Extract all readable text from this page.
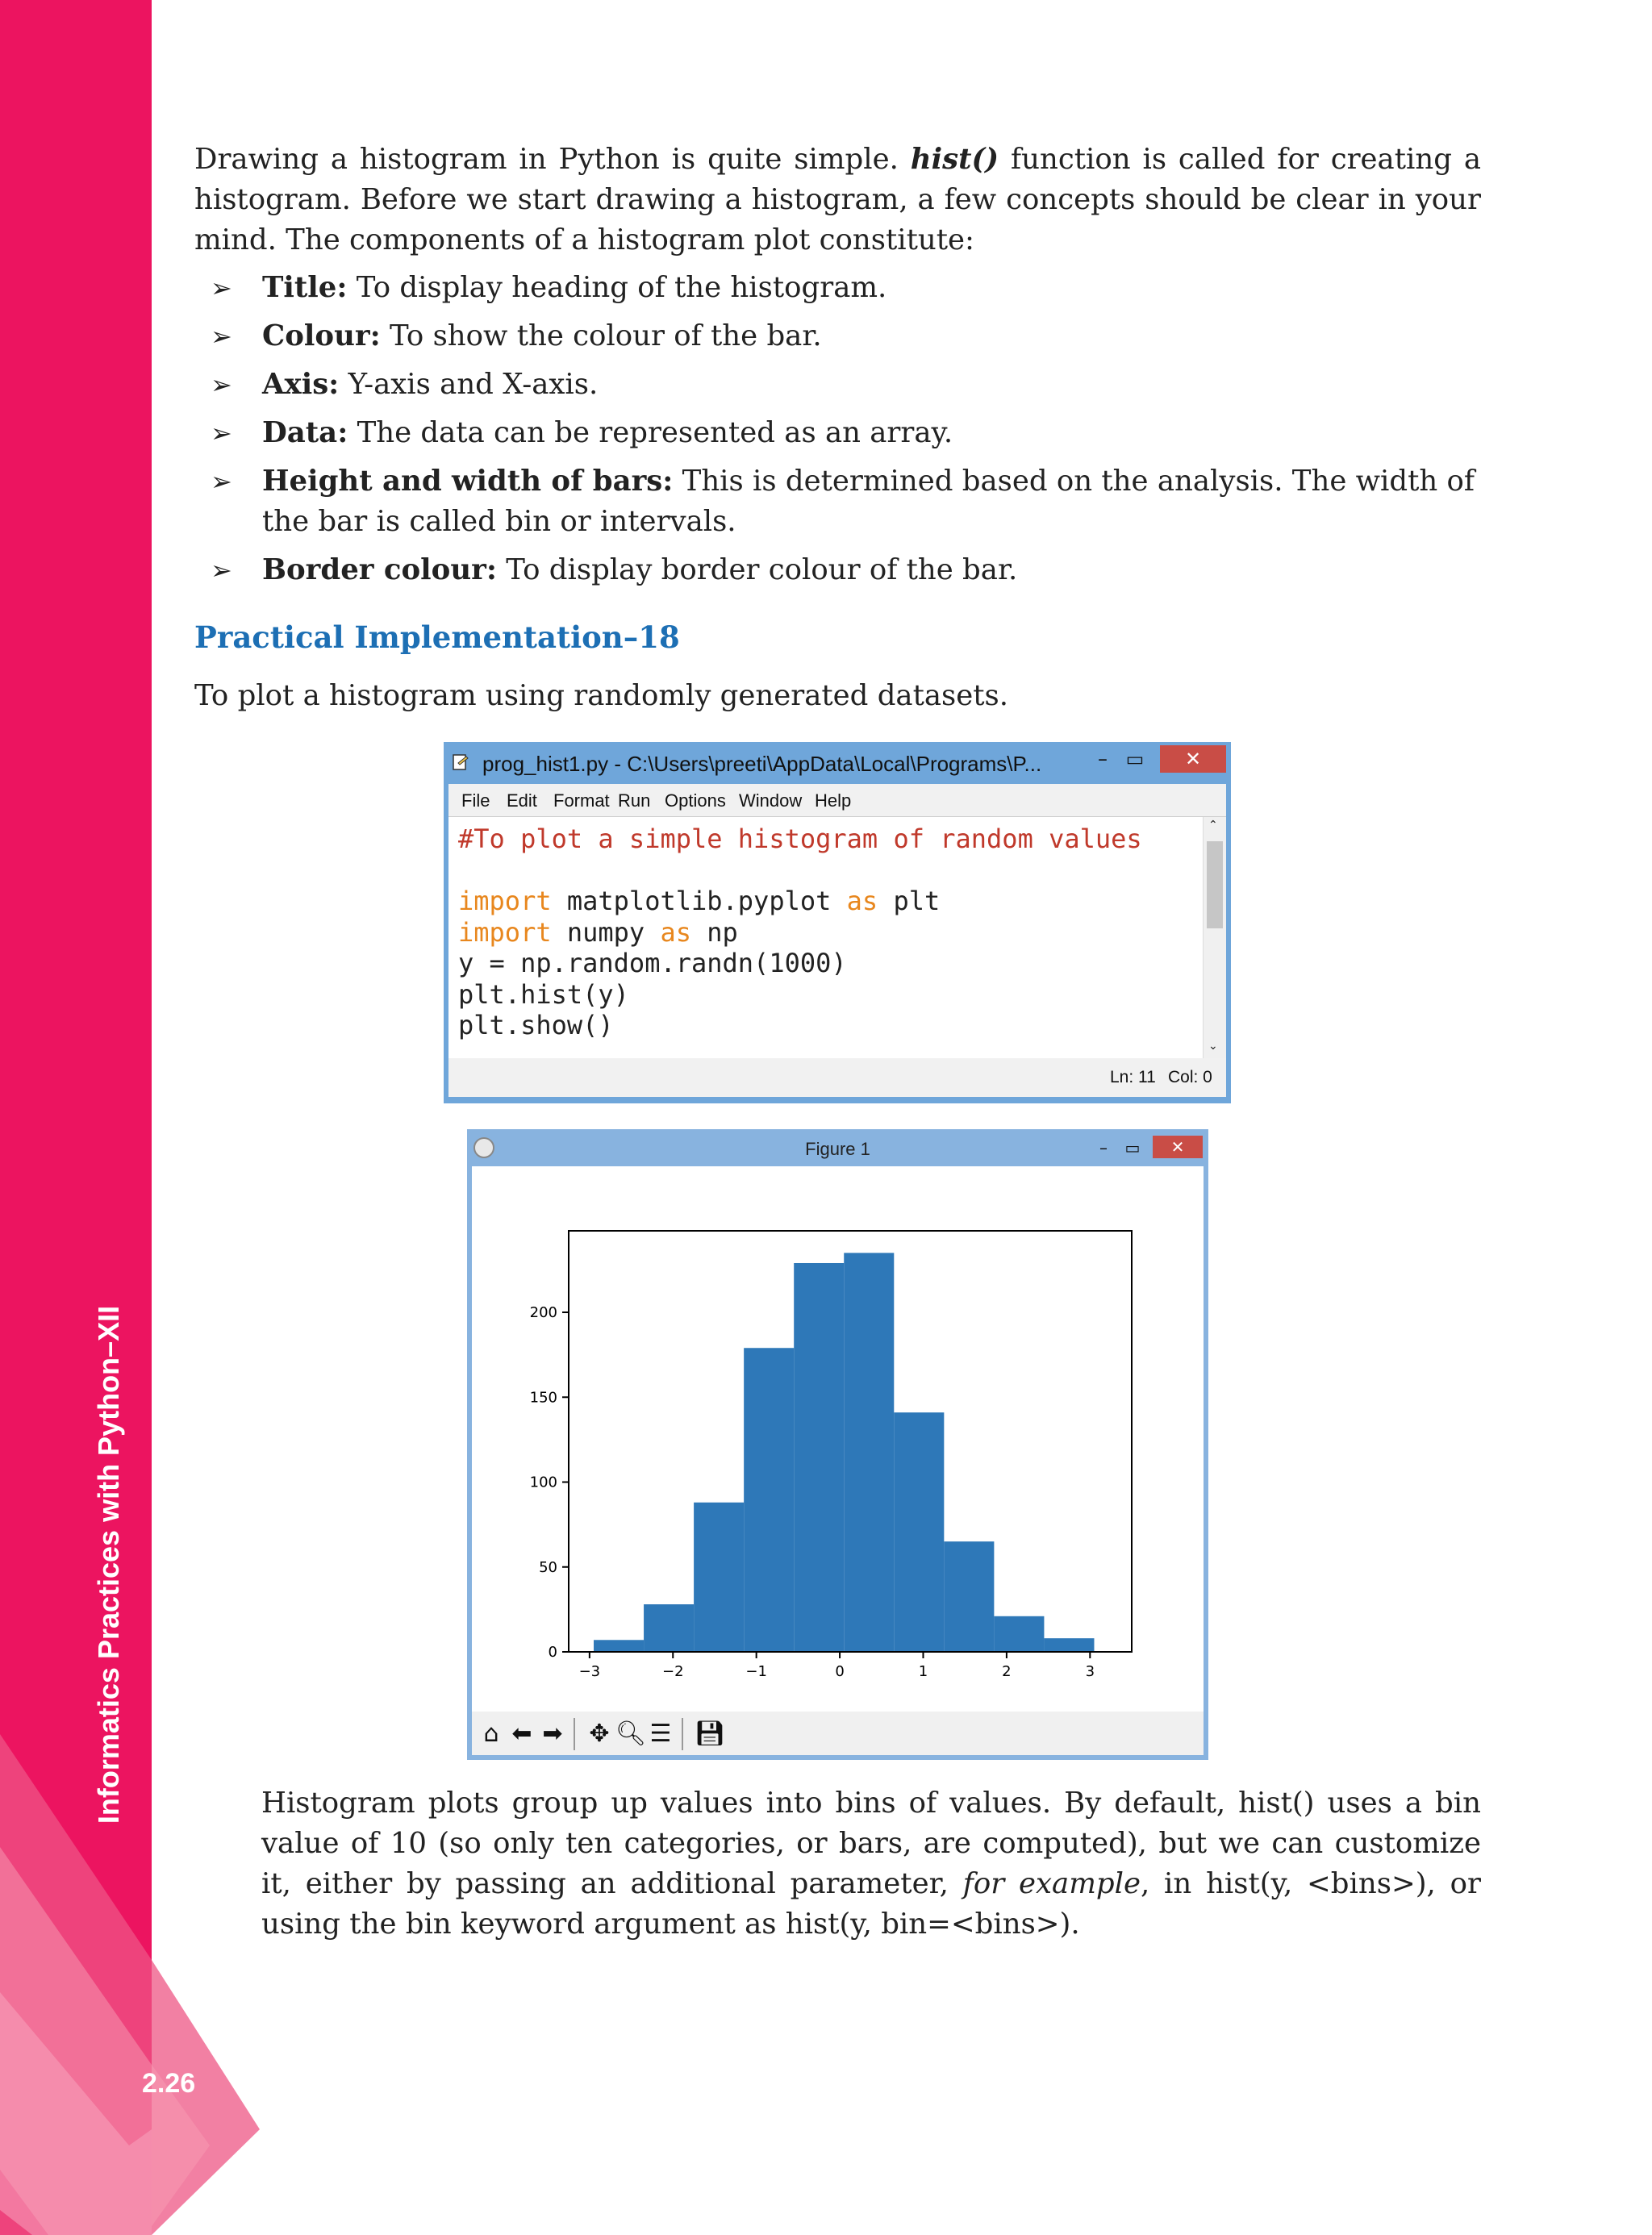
Informatics Practices with Python–XII
2.26

Drawing a histogram in Python is quite simple. hist() function is called for creating a histogram. Before we start drawing a histogram, a few concepts should be clear in your mind. The components of a histogram plot constitute:

➢ Title: To display heading of the histogram.
➢ Colour: To show the colour of the bar.
➢ Axis: Y-axis and X-axis.
➢ Data: The data can be represented as an array.
➢ Height and width of bars: This is determined based on the analysis. The width of the bar is called bin or intervals.
➢ Border colour: To display border colour of the bar.
Practical Implementation–18

To plot a histogram using randomly generated datasets.

prog_hist1.py - C:\Users\preeti\AppData\Local\Programs\P...	– ▭	✕
File Edit Format Run Options Window Help
#To plot a simple histogram of random values

import matplotlib.pyplot as plt
import numpy as np
y = np.random.randn(1000)
plt.hist(y)
plt.show()
⌃
⌄
Ln: 11 Col: 0
Figure 1	–	▭	✕
−3	−2	−1	0	1	2	3
0
50
100
150
200
⌂ ⬅ ➡ ✥ 🔍︎ ☰ 💾︎

Histogram plots group up values into bins of values. By default, hist() uses a bin value of 10 (so only ten categories, or bars, are computed), but we can customize it, either by passing an additional parameter, for example, in hist(y, <bins>), or using the bin keyword argument as hist(y, bin=<bins>).
